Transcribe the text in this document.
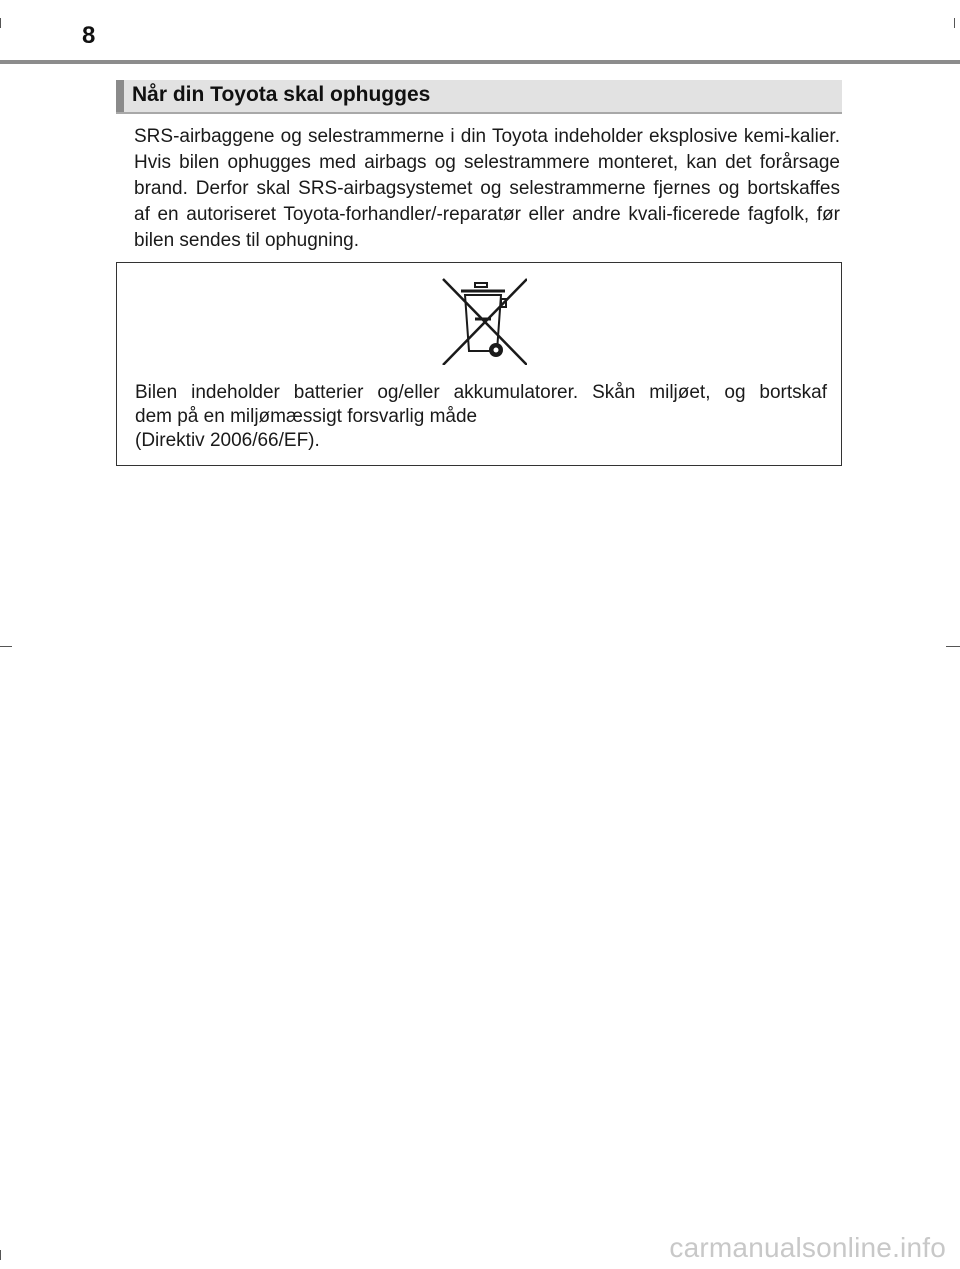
8
Når din Toyota skal ophugges

SRS-airbaggene og selestrammerne i din Toyota indeholder eksplosive kemi-kalier. Hvis bilen ophugges med airbags og selestrammere monteret, kan det forårsage brand. Derfor skal SRS-airbagsystemet og selestrammerne fjernes og bortskaffes af en autoriseret Toyota-forhandler/-reparatør eller andre kvali-ficerede fagfolk, før bilen sendes til ophugning.

Bilen indeholder batterier og/eller akkumulatorer. Skån miljøet, og bortskaf
dem på en miljømæssigt forsvarlig måde
(Direktiv 2006/66/EF).

carmanualsonline.info
